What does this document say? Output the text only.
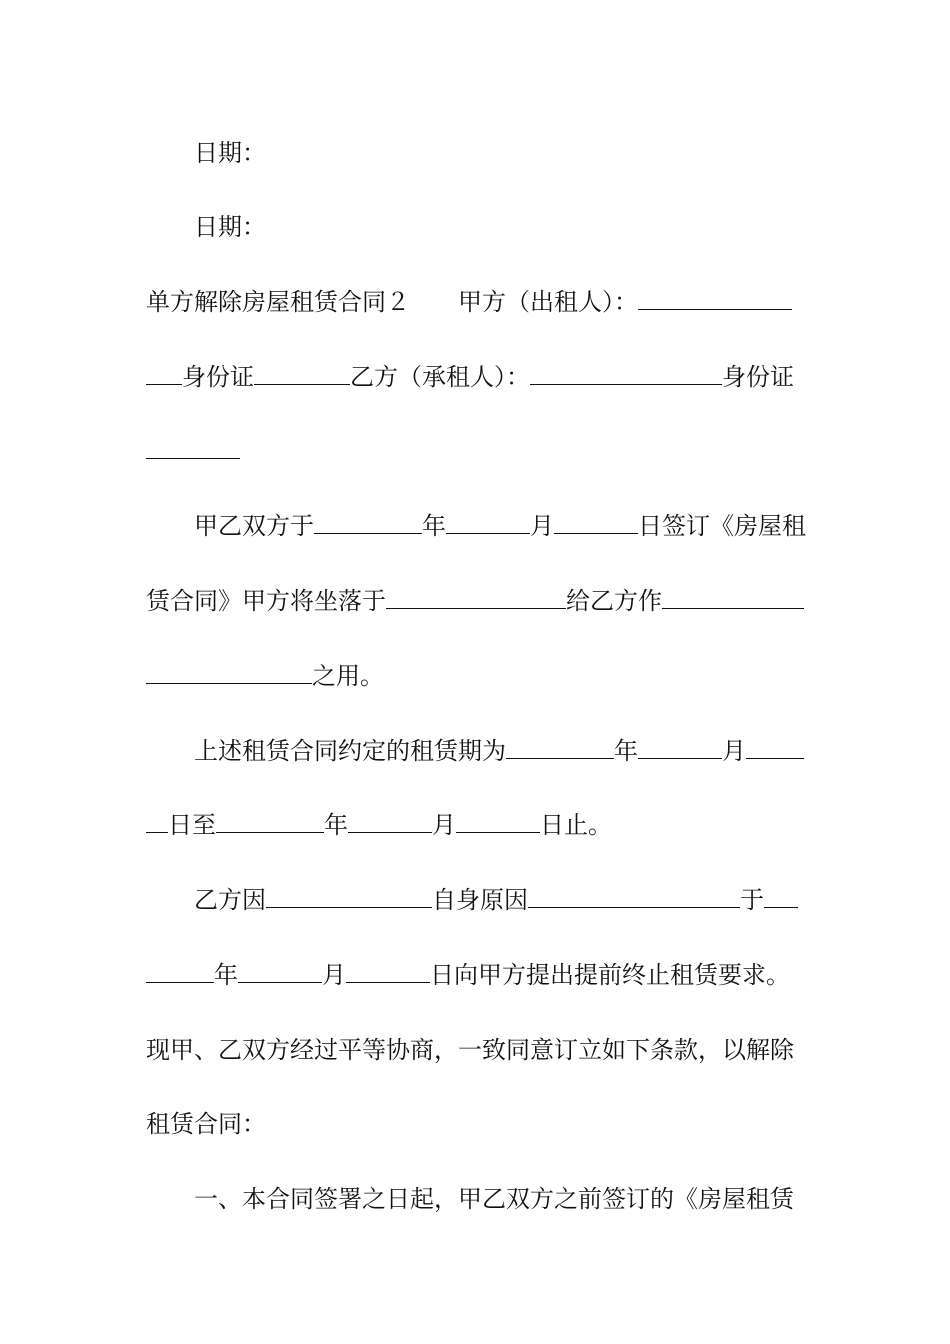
日期：
日期：
单方解除房屋租赁合同２ 甲方（出租人）：
身份证	乙方（承租人）：	身份证
甲乙双方于	年	月	日签订《房屋租
赁合同》甲方将坐落于	给乙方作
之用。
上述租赁合同约定的租赁期为	年	月
日至	年	月	日止。
乙方因	自身原因	于
年	月	日向甲方提出提前终止租赁要求。
现甲、乙双方经过平等协商，一致同意订立如下条款，以解除
租赁合同：
一、本合同签署之日起，甲乙双方之前签订的《房屋租赁
